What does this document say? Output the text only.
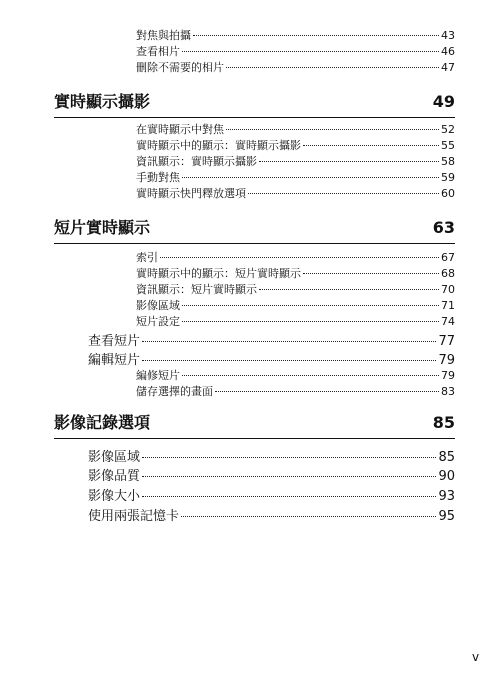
對焦與拍攝	43
查看相片	46
刪除不需要的相片	47
實時顯示攝影	49
在實時顯示中對焦	52
實時顯示中的顯示：實時顯示攝影	55
資訊顯示：實時顯示攝影	58
手動對焦	59
實時顯示快門釋放選項	60
短片實時顯示	63
索引	67
實時顯示中的顯示：短片實時顯示	68
資訊顯示：短片實時顯示	70
影像區域	71
短片設定	74
查看短片	77
編輯短片	79
編修短片	79
儲存選擇的畫面	83
影像記錄選項	85
影像區域	85
影像品質	90
影像大小	93
使用兩張記憶卡	95
v
